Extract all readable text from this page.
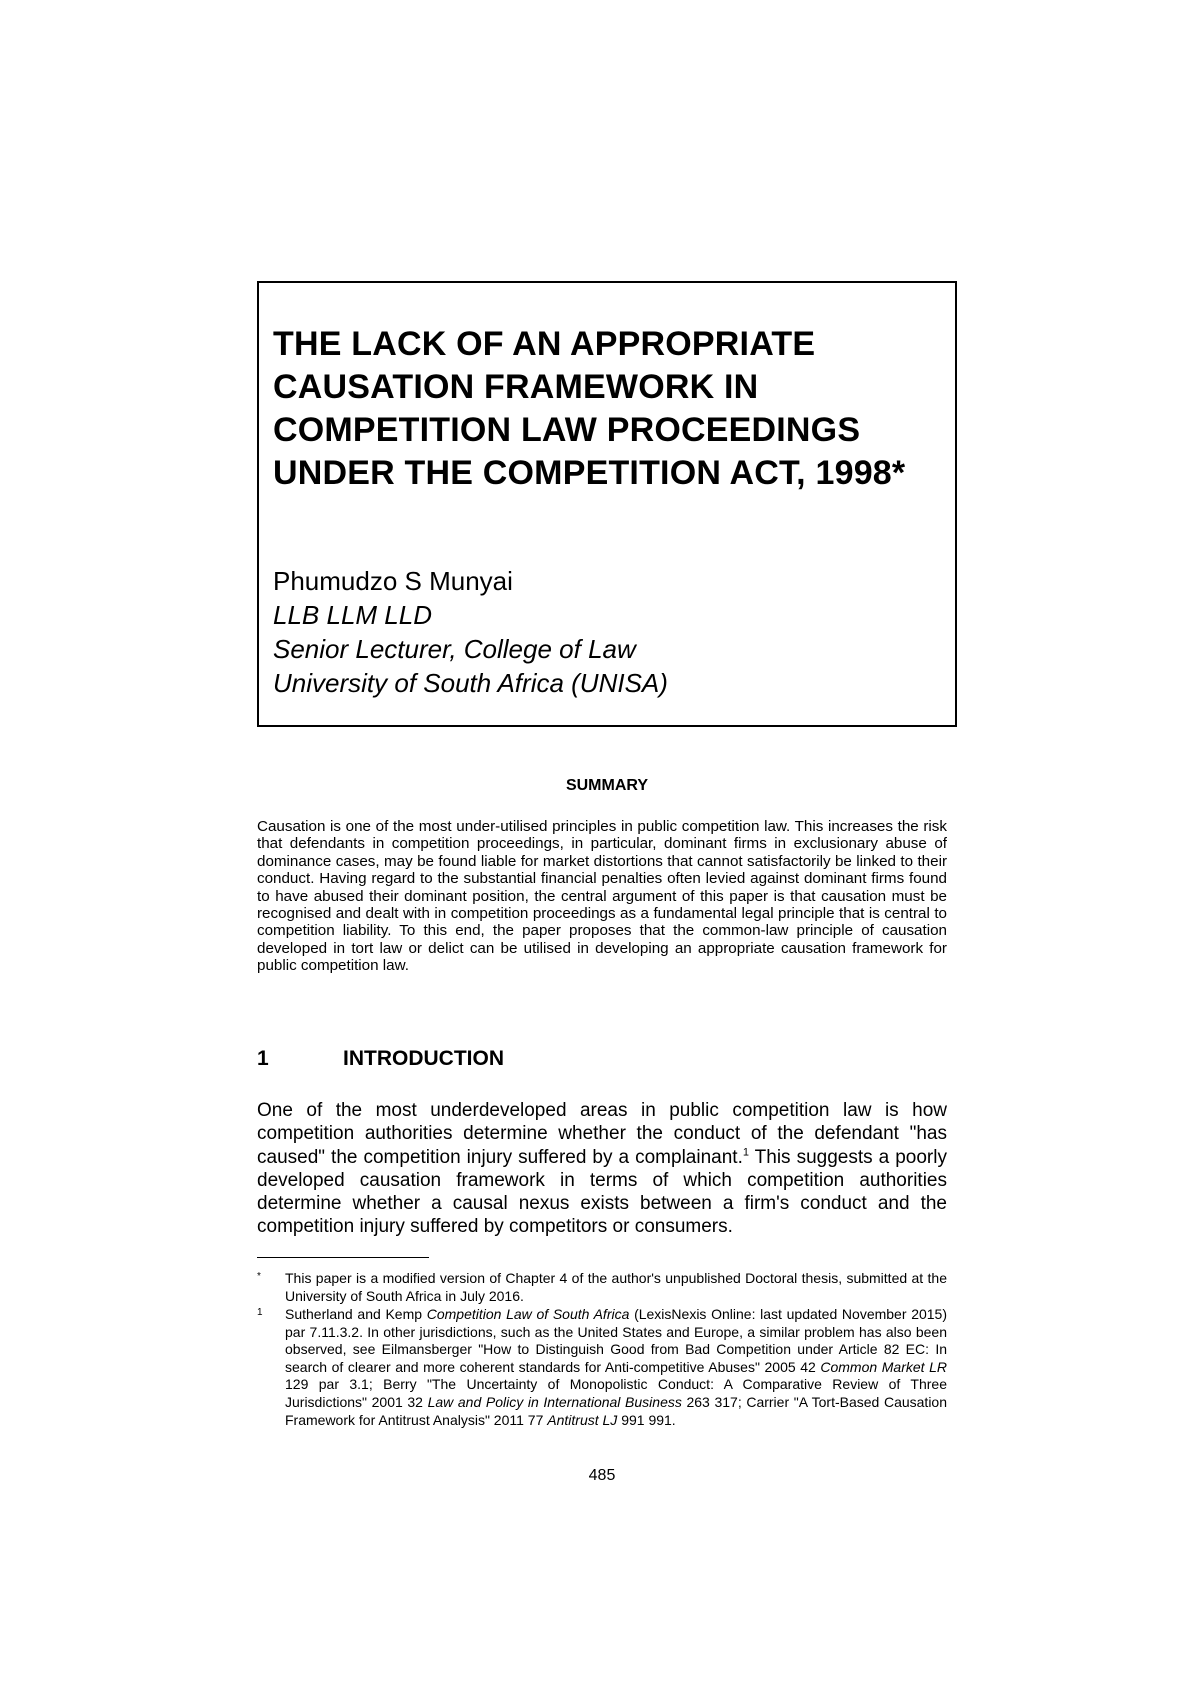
THE LACK OF AN APPROPRIATE CAUSATION FRAMEWORK IN COMPETITION LAW PROCEEDINGS UNDER THE COMPETITION ACT, 1998*
Phumudzo S Munyai
LLB LLM LLD
Senior Lecturer, College of Law
University of South Africa (UNISA)
SUMMARY

Causation is one of the most under-utilised principles in public competition law. This increases the risk that defendants in competition proceedings, in particular, dominant firms in exclusionary abuse of dominance cases, may be found liable for market distortions that cannot satisfactorily be linked to their conduct. Having regard to the substantial financial penalties often levied against dominant firms found to have abused their dominant position, the central argument of this paper is that causation must be recognised and dealt with in competition proceedings as a fundamental legal principle that is central to competition liability. To this end, the paper proposes that the common-law principle of causation developed in tort law or delict can be utilised in developing an appropriate causation framework for public competition law.

1	INTRODUCTION

One of the most underdeveloped areas in public competition law is how competition authorities determine whether the conduct of the defendant "has caused" the competition injury suffered by a complainant.$^1$ This suggests a poorly developed causation framework in terms of which competition authorities determine whether a causal nexus exists between a firm's conduct and the competition injury suffered by competitors or consumers.

* This paper is a modified version of Chapter 4 of the author's unpublished Doctoral thesis, submitted at the University of South Africa in July 2016.

1 Sutherland and Kemp Competition Law of South Africa (LexisNexis Online: last updated November 2015) par 7.11.3.2. In other jurisdictions, such as the United States and Europe, a similar problem has also been observed, see Eilmansberger "How to Distinguish Good from Bad Competition under Article 82 EC: In search of clearer and more coherent standards for Anti-competitive Abuses" 2005 42 Common Market LR 129 par 3.1; Berry "The Uncertainty of Monopolistic Conduct: A Comparative Review of Three Jurisdictions" 2001 32 Law and Policy in International Business 263 317; Carrier "A Tort-Based Causation Framework for Antitrust Analysis" 2011 77 Antitrust LJ 991 991.

485
